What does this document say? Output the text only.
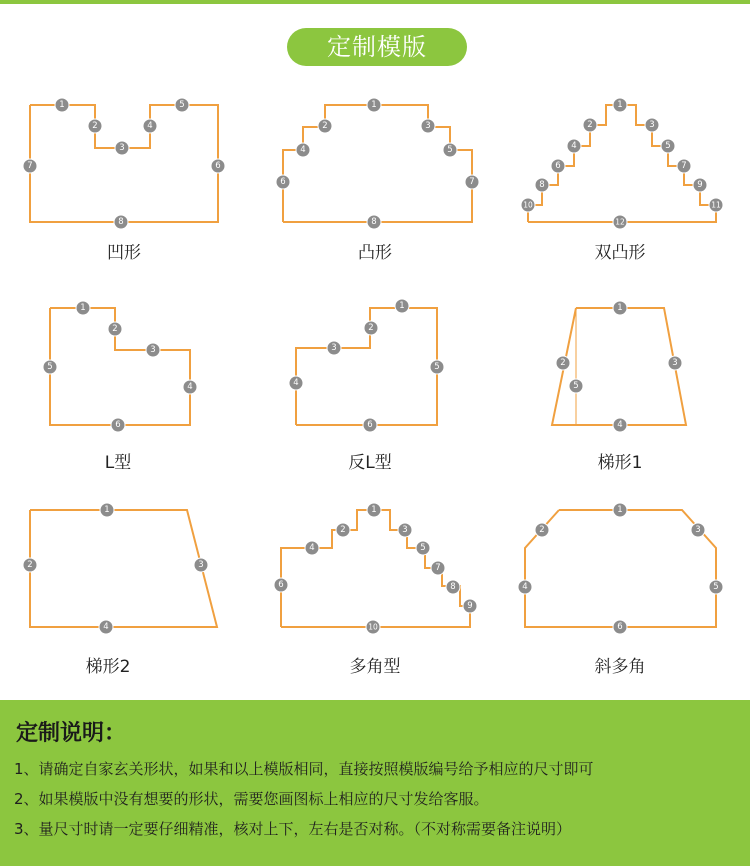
定制模版
1
2
3
4
5
6
7
8
1
2	3
4	5
6	7
8
1
2	3
4	5
6	7
8	9
10	11
12
1
2
3
4
5
6
1
2
3
4
5
6
1
2	3
5
4
1
2	3
4
1
2	3
4	5
6
7
8
9
10
1
2	3
4	5
6
凹形	凸形	双凸形
L型	反L型	梯形1
梯形2	多角型	斜多角
定制说明：
1、请确定自家玄关形状，如果和以上模版相同，直接按照模版编号给予相应的尺寸即可
2、如果模版中没有想要的形状，需要您画图标上相应的尺寸发给客服。
3、量尺寸时请一定要仔细精准，核对上下，左右是否对称。（不对称需要备注说明）
